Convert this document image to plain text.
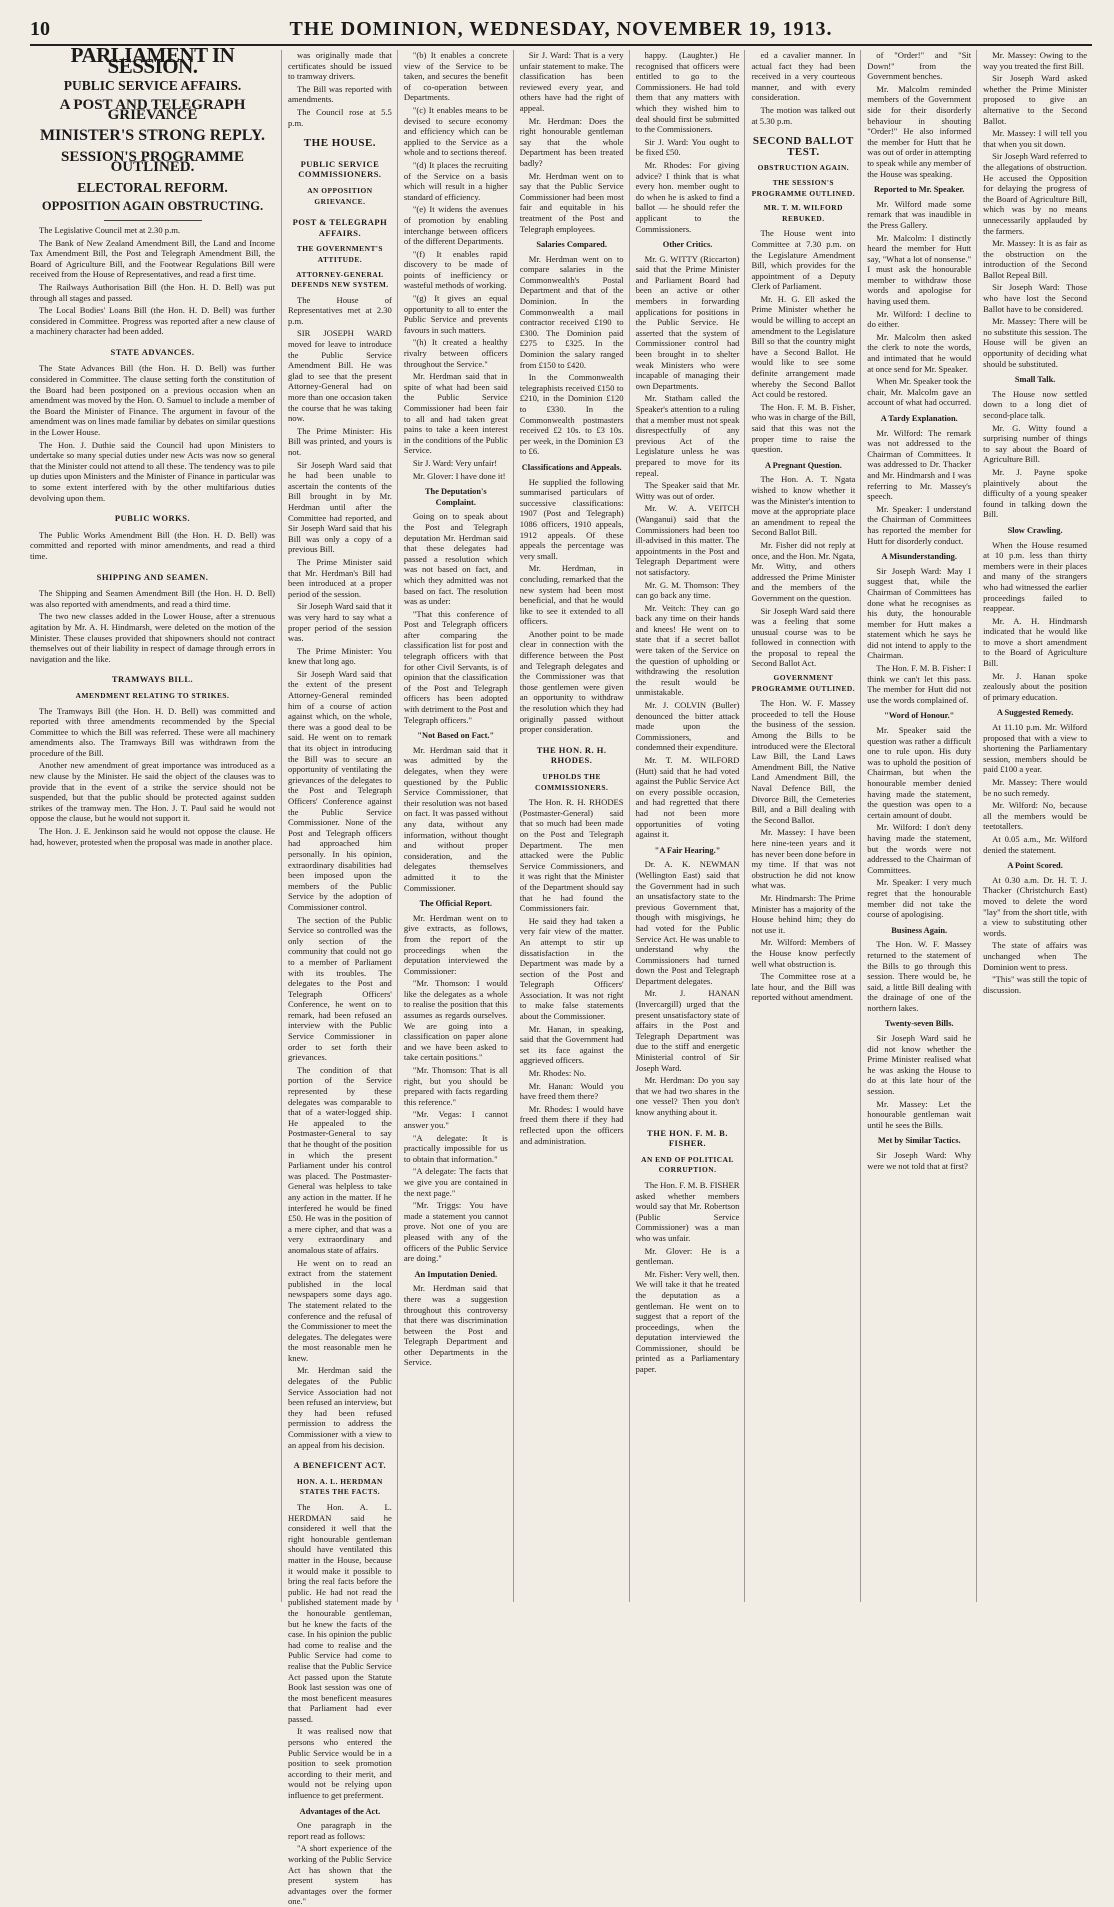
10	THE DOMINION, WEDNESDAY, NOVEMBER 19, 1913.
PARLIAMENT IN SESSION.
PUBLIC SERVICE AFFAIRS.
A POST AND TELEGRAPH GRIEVANCE
MINISTER'S STRONG REPLY.
SESSION'S PROGRAMME OUTLINED.
ELECTORAL REFORM.
OPPOSITION AGAIN OBSTRUCTING.

The Legislative Council met at 2.30 p.m.

The Bank of New Zealand Amendment Bill, the Land and Income Tax Amendment Bill, the Post and Telegraph Amendment Bill, the Board of Agriculture Bill, and the Footwear Regulations Bill were received from the House of Representatives, and read a first time.

The Railways Authorisation Bill (the Hon. H. D. Bell) was put through all stages and passed.

The Local Bodies' Loans Bill (the Hon. H. D. Bell) was further considered in Committee. Progress was reported after a new clause of a machinery character had been added.

STATE ADVANCES.

The State Advances Bill (the Hon. H. D. Bell) was further considered in Committee. The clause setting forth the constitution of the Board had been postponed on a previous occasion when an amendment was moved by the Hon. O. Samuel to include a member of the Board the Minister of Finance. The argument in favour of the amendment was on lines made familiar by debates on similar questions in the Lower House.

The Hon. J. Duthie said the Council had upon Ministers to undertake so many special duties under new Acts was now so general that the Minister could not attend to all these. The tendency was to pile up duties upon Ministers and the Minister of Finance in particular was to some extent interfered with by the other multifarious duties devolving upon them.

PUBLIC WORKS.

The Public Works Amendment Bill (the Hon. H. D. Bell) was committed and reported with minor amendments, and read a third time.

SHIPPING AND SEAMEN.

The Shipping and Seamen Amendment Bill (the Hon. H. D. Bell) was also reported with amendments, and read a third time.

The two new classes added in the Lower House, after a strenuous agitation by Mr. A. H. Hindmarsh, were deleted on the motion of the Minister. These clauses provided that shipowners should not contract themselves out of their liability in respect of damage through errors in navigation and the like.

TRAMWAYS BILL.
AMENDMENT RELATING TO STRIKES.

The Tramways Bill (the Hon. H. D. Bell) was committed and reported with three amendments recommended by the Special Committee to which the Bill was referred. These were all machinery amendments also. The Tramways Bill was withdrawn from the procedure of the Bill.

Another new amendment of great importance was introduced as a new clause by the Minister. He said the object of the clauses was to provide that in the event of a strike the service should not be suspended, but that the public should be protected against sudden strikes of the tramway men. The Hon. J. T. Paul said he would not oppose the clause, but he would not support it.

The Hon. J. E. Jenkinson said he would not oppose the clause. He had, however, protested when the proposal was made in another place.

was originally made that certificates should be issued to tramway drivers.

The Bill was reported with amendments.

The Council rose at 5.5 p.m.

THE HOUSE.
PUBLIC SERVICE COMMISSIONERS.
AN OPPOSITION GRIEVANCE.
POST & TELEGRAPH AFFAIRS.
THE GOVERNMENT'S ATTITUDE.
ATTORNEY-GENERAL DEFENDS NEW SYSTEM.

The House of Representatives met at 2.30 p.m.

SIR JOSEPH WARD moved for leave to introduce the Public Service Amendment Bill. He was glad to see that the present Attorney-General had on more than one occasion taken the course that he was taking now.

The Prime Minister: His Bill was printed, and yours is not.

Sir Joseph Ward said that he had been unable to ascertain the contents of the Bill brought in by Mr. Herdman until after the Committee had reported, and Sir Joseph Ward said that his Bill was only a copy of a previous Bill.

The Prime Minister said that Mr. Herdman's Bill had been introduced at a proper period of the session.

Sir Joseph Ward said that it was very hard to say what a proper period of the session was.

The Prime Minister: You knew that long ago.

Sir Joseph Ward said that the extent of the present Attorney-General reminded him of a course of action against which, on the whole, there was a good deal to be said. He went on to remark that its object in introducing the Bill was to secure an opportunity of ventilating the grievances of the delegates to the Post and Telegraph Officers' Conference against the Public Service Commissioner. None of the Post and Telegraph officers had approached him personally. In his opinion, extraordinary disabilities had been imposed upon the members of the Public Service by the adoption of Commissioner control.

The section of the Public Service so controlled was the only section of the community that could not go to a member of Parliament with its troubles. The delegates to the Post and Telegraph Officers' Conference, he went on to remark, had been refused an interview with the Public Service Commissioner in order to set forth their grievances.

The condition of that portion of the Service represented by these delegates was comparable to that of a water-logged ship. He appealed to the Postmaster-General to say that he thought of the position in which the present Parliament under his control was placed. The Postmaster-General was helpless to take any action in the matter. If he interfered he would be fined £50. He was in the position of a mere cipher, and that was a very extraordinary and anomalous state of affairs.

He went on to read an extract from the statement published in the local newspapers some days ago. The statement related to the conference and the refusal of the Commissioner to meet the delegates. The delegates were the most reasonable men he knew.

Mr. Herdman said the delegates of the Public Service Association had not been refused an interview, but they had been refused permission to address the Commissioner with a view to an appeal from his decision.

A BENEFICENT ACT.
HON. A. L. HERDMAN STATES THE FACTS.

The Hon. A. L. HERDMAN said he considered it well that the right honourable gentleman should have ventilated this matter in the House, because it would make it possible to bring the real facts before the public. He had not read the published statement made by the honourable gentleman, but he knew the facts of the case. In his opinion the public had come to realise and the Public Service had come to realise that the Public Service Act passed upon the Statute Book last session was one of the most beneficent measures that Parliament had ever passed.

It was realised now that persons who entered the Public Service would be in a position to seek promotion according to their merit, and would not be relying upon influence to get preferment.

Advantages of the Act.

One paragraph in the report read as follows:

"A short experience of the working of the Public Service Act has shown that the present system has advantages over the former one."

"(b) It enables a concrete view of the Service to be taken, and secures the benefit of co-operation between Departments.

"(c) It enables means to be devised to secure economy and efficiency which can be applied to the Service as a whole and to sections thereof.

"(d) It places the recruiting of the Service on a basis which will result in a higher standard of efficiency.

"(e) It widens the avenues of promotion by enabling interchange between officers of the different Departments.

"(f) It enables rapid discovery to be made of points of inefficiency or wasteful methods of working.

"(g) It gives an equal opportunity to all to enter the Public Service and prevents favours in such matters.

"(h) It created a healthy rivalry between officers throughout the Service."

Mr. Herdman said that in spite of what had been said the Public Service Commissioner had been fair to all and had taken great pains to take a keen interest in the conditions of the Public Service.

Sir J. Ward: Very unfair!

Mr. Glover: I have done it!

The Deputation's Complaint.

Going on to speak about the Post and Telegraph deputation Mr. Herdman said that these delegates had passed a resolution which was not based on fact, and which they admitted was not based on fact. The resolution was as under:

"That this conference of Post and Telegraph officers after comparing the classification list for post and telegraph officers with that for other Civil Servants, is of opinion that the classification of the Post and Telegraph officers has been adopted with detriment to the Post and Telegraph officers."

"Not Based on Fact."

Mr. Herdman said that it was admitted by the delegates, when they were questioned by the Public Service Commissioner, that their resolution was not based on fact. It was passed without any data, without any information, without thought and without proper consideration, and the delegates themselves admitted it to the Commissioner.

The Official Report.

Mr. Herdman went on to give extracts, as follows, from the report of the proceedings when the deputation interviewed the Commissioner:

"Mr. Thomson: I would like the delegates as a whole to realise the position that this assumes as regards ourselves. We are going into a classification on paper alone and we have been asked to take certain positions."

"Mr. Thomson: That is all right, but you should be prepared with facts regarding this reference."

"Mr. Vegas: I cannot answer you."

"A delegate: It is practically impossible for us to obtain that information."

"A delegate: The facts that we give you are contained in the next page."

"Mr. Triggs: You have made a statement you cannot prove. Not one of you are pleased with any of the officers of the Public Service are doing."

An Imputation Denied.

Mr. Herdman said that there was a suggestion throughout this controversy that there was discrimination between the Post and Telegraph Department and other Departments in the Service.

Sir J. Ward: That is a very unfair statement to make. The classification has been reviewed every year, and others have had the right of appeal.

Mr. Herdman: Does the right honourable gentleman say that the whole Department has been treated badly?

Mr. Herdman went on to say that the Public Service Commissioner had been most fair and equitable in his treatment of the Post and Telegraph employees.

Salaries Compared.

Mr. Herdman went on to compare salaries in the Commonwealth's Postal Department and that of the Dominion. In the Commonwealth a mail contractor received £190 to £300. The Dominion paid £275 to £325. In the Dominion the salary ranged from £150 to £420.

In the Commonwealth telegraphists received £150 to £210, in the Dominion £120 to £330. In the Commonwealth postmasters received £2 10s. to £3 10s. per week, in the Dominion £3 to £6.

Classifications and Appeals.

He supplied the following summarised particulars of successive classifications: 1907 (Post and Telegraph) 1086 officers, 1910 appeals, 1912 appeals. Of these appeals the percentage was very small.

Mr. Herdman, in concluding, remarked that the new system had been most beneficial, and that he would like to see it extended to all officers.

Another point to be made clear in connection with the difference between the Post and Telegraph delegates and the Commissioner was that those gentlemen were given an opportunity to withdraw the resolution which they had originally passed without proper consideration.

THE HON. R. H. RHODES.
UPHOLDS THE COMMISSIONERS.

The Hon. R. H. RHODES (Postmaster-General) said that so much had been made on the Post and Telegraph Department. The men attacked were the Public Service Commissioners, and it was right that the Minister of the Department should say that he had found the Commissioners fair.

He said they had taken a very fair view of the matter. An attempt to stir up dissatisfaction in the Department was made by a section of the Post and Telegraph Officers' Association. It was not right to make false statements about the Commissioner.

Mr. Hanan, in speaking, said that the Government had set its face against the aggrieved officers.

Mr. Rhodes: No.

Mr. Hanan: Would you have freed them there?

Mr. Rhodes: I would have freed them there if they had reflected upon the officers and administration.

happy. (Laughter.) He recognised that officers were entitled to go to the Commissioners. He had told them that any matters with which they wished him to deal should first be submitted to the Commissioners.

Sir J. Ward: You ought to be fixed £50.

Mr. Rhodes: For giving advice? I think that is what every hon. member ought to do when he is asked to find a ballot — he should refer the applicant to the Commissioners.

Other Critics.

Mr. G. WITTY (Riccarton) said that the Prime Minister and Parliament Board had been an active or other members in forwarding applications for positions in the Public Service. He asserted that the system of Commissioner control had been brought in to shelter weak Ministers who were incapable of managing their own Departments.

Mr. Statham called the Speaker's attention to a ruling that a member must not speak disrespectfully of any previous Act of the Legislature unless he was prepared to move for its repeal.

The Speaker said that Mr. Witty was out of order.

Mr. W. A. VEITCH (Wanganui) said that the Commissioners had been too ill-advised in this matter. The appointments in the Post and Telegraph Department were not satisfactory.

Mr. G. M. Thomson: They can go back any time.

Mr. Veitch: They can go back any time on their hands and knees! He went on to state that if a secret ballot were taken of the Service on the question of upholding or withdrawing the resolution the result would be unmistakable.

Mr. J. COLVIN (Buller) denounced the bitter attack made upon the Commissioners, and condemned their expenditure.

Mr. T. M. WILFORD (Hutt) said that he had voted against the Public Service Act on every possible occasion, and had regretted that there had not been more opportunities of voting against it.

"A Fair Hearing."

Dr. A. K. NEWMAN (Wellington East) said that the Government had in such an unsatisfactory state to the previous Government that, though with misgivings, he had voted for the Public Service Act. He was unable to understand why the Commissioners had turned down the Post and Telegraph Department delegates.

Mr. J. HANAN (Invercargill) urged that the present unsatisfactory state of affairs in the Post and Telegraph Department was due to the stiff and energetic Ministerial control of Sir Joseph Ward.

Mr. Herdman: Do you say that we had two shares in the one vessel? Then you don't know anything about it.

THE HON. F. M. B. FISHER.
AN END OF POLITICAL CORRUPTION.

The Hon. F. M. B. FISHER asked whether members would say that Mr. Robertson (Public Service Commissioner) was a man who was unfair.

Mr. Glover: He is a gentleman.

Mr. Fisher: Very well, then. We will take it that he treated the deputation as a gentleman. He went on to suggest that a report of the proceedings, when the deputation interviewed the Commissioner, should be printed as a Parliamentary paper.

ed a cavalier manner. In actual fact they had been received in a very courteous manner, and with every consideration.

The motion was talked out at 5.30 p.m.

SECOND BALLOT TEST.
OBSTRUCTION AGAIN.
THE SESSION'S PROGRAMME OUTLINED.
MR. T. M. WILFORD REBUKED.

The House went into Committee at 7.30 p.m. on the Legislature Amendment Bill, which provides for the appointment of a Deputy Clerk of Parliament.

Mr. H. G. Ell asked the Prime Minister whether he would be willing to accept an amendment to the Legislature Bill so that the country might have a Second Ballot. He would like to see some definite arrangement made whereby the Second Ballot Act could be restored.

The Hon. F. M. B. Fisher, who was in charge of the Bill, said that this was not the proper time to raise the question.

A Pregnant Question.

The Hon. A. T. Ngata wished to know whether it was the Minister's intention to move at the appropriate place an amendment to repeal the Second Ballot Bill.

Mr. Fisher did not reply at once, and the Hon. Mr. Ngata, Mr. Witty, and others addressed the Prime Minister and the members of the Government on the question.

Sir Joseph Ward said there was a feeling that some unusual course was to be followed in connection with the proposal to repeal the Second Ballot Act.

GOVERNMENT PROGRAMME OUTLINED.

The Hon. W. F. Massey proceeded to tell the House the business of the session. Among the Bills to be introduced were the Electoral Law Bill, the Land Laws Amendment Bill, the Native Land Amendment Bill, the Naval Defence Bill, the Divorce Bill, the Cemeteries Bill, and a Bill dealing with the Second Ballot.

Mr. Massey: I have been here nine-teen years and it has never been done before in my time. If that was not obstruction he did not know what was.

Mr. Hindmarsh: The Prime Minister has a majority of the House behind him; they do not use it.

Mr. Wilford: Members of the House know perfectly well what obstruction is.

The Committee rose at a late hour, and the Bill was reported without amendment.

of "Order!" and "Sit Down!" from the Government benches.

Mr. Malcolm reminded members of the Government side for their disorderly behaviour in shouting "Order!" He also informed the member for Hutt that he was out of order in attempting to speak while any member of the House was speaking.

Reported to Mr. Speaker.

Mr. Wilford made some remark that was inaudible in the Press Gallery.

Mr. Malcolm: I distinctly heard the member for Hutt say, "What a lot of nonsense." I must ask the honourable member to withdraw those words and apologise for having used them.

Mr. Wilford: I decline to do either.

Mr. Malcolm then asked the clerk to note the words, and intimated that he would at once send for Mr. Speaker.

When Mr. Speaker took the chair, Mr. Malcolm gave an account of what had occurred.

A Tardy Explanation.

Mr. Wilford: The remark was not addressed to the Chairman of Committees. It was addressed to Dr. Thacker and Mr. Hindmarsh and I was referring to Mr. Massey's speech.

Mr. Speaker: I understand the Chairman of Committees has reported the member for Hutt for disorderly conduct.

A Misunderstanding.

Sir Joseph Ward: May I suggest that, while the Chairman of Committees has done what he recognises as his duty, the honourable member for Hutt makes a statement which he says he did not intend to apply to the Chairman.

The Hon. F. M. B. Fisher: I think we can't let this pass. The member for Hutt did not use the words complained of.

"Word of Honour."

Mr. Speaker said the question was rather a difficult one to rule upon. His duty was to uphold the position of Chairman, but when the honourable member denied having made the statement, the question was open to a certain amount of doubt.

Mr. Wilford: I don't deny having made the statement, but the words were not addressed to the Chairman of Committees.

Mr. Speaker: I very much regret that the honourable member did not take the course of apologising.

Business Again.

The Hon. W. F. Massey returned to the statement of the Bills to go through this session. There would be, he said, a little Bill dealing with the drainage of one of the northern lakes.

Twenty-seven Bills.

Sir Joseph Ward said he did not know whether the Prime Minister realised what he was asking the House to do at this late hour of the session.

Mr. Massey: Let the honourable gentleman wait until he sees the Bills.

Met by Similar Tactics.

Sir Joseph Ward: Why were we not told that at first?

Mr. Massey: Owing to the way you treated the first Bill.

Sir Joseph Ward asked whether the Prime Minister proposed to give an alternative to the Second Ballot.

Mr. Massey: I will tell you that when you sit down.

Sir Joseph Ward referred to the allegations of obstruction. He accused the Opposition for delaying the progress of the Board of Agriculture Bill, which was by no means unnecessarily applauded by the farmers.

Mr. Massey: It is as fair as the obstruction on the introduction of the Second Ballot Repeal Bill.

Sir Joseph Ward: Those who have lost the Second Ballot have to be considered.

Mr. Massey: There will be no substitute this session. The House will be given an opportunity of deciding what should be substituted.

Small Talk.

The House now settled down to a long diet of second-place talk.

Mr. G. Witty found a surprising number of things to say about the Board of Agriculture Bill.

Mr. J. Payne spoke plaintively about the difficulty of a young speaker found in talking down the Bill.

Slow Crawling.

When the House resumed at 10 p.m. less than thirty members were in their places and many of the strangers who had witnessed the earlier proceedings failed to reappear.

Mr. A. H. Hindmarsh indicated that he would like to move a short amendment to the Board of Agriculture Bill.

Mr. J. Hanan spoke zealously about the position of primary education.

A Suggested Remedy.

At 11.10 p.m. Mr. Wilford proposed that with a view to shortening the Parliamentary session, members should be paid £100 a year.

Mr. Massey: There would be no such remedy.

Mr. Wilford: No, because all the members would be teetotallers.

At 0.05 a.m., Mr. Wilford denied the statement.

A Point Scored.

At 0.30 a.m. Dr. H. T. J. Thacker (Christchurch East) moved to delete the word "lay" from the short title, with a view to substituting other words.

The state of affairs was unchanged when The Dominion went to press.

"This" was still the topic of discussion.
